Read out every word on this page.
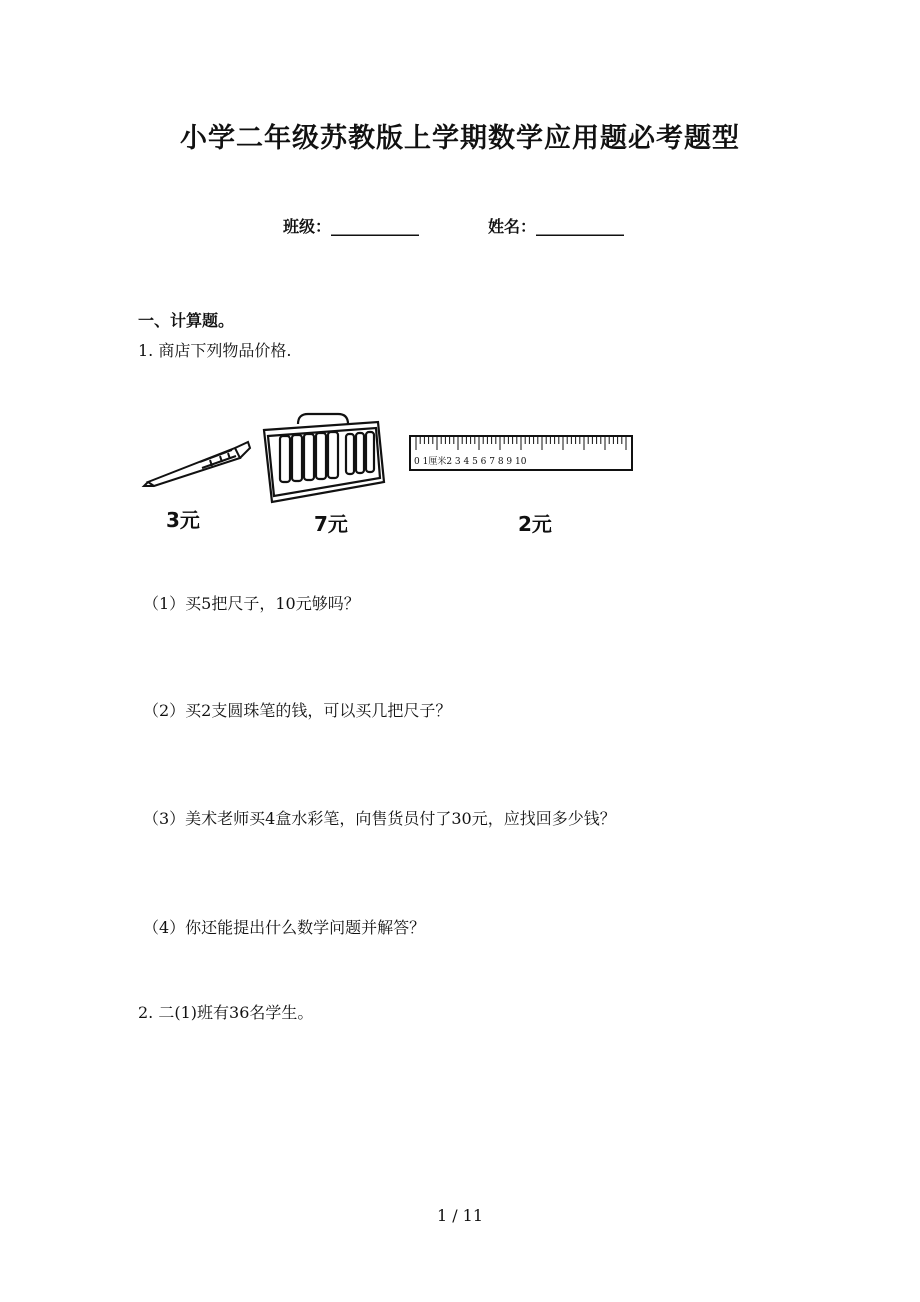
小学二年级苏教版上学期数学应用题必考题型
班级：___________	姓名：___________
一、计算题。
1. 商店下列物品价格.
3元	7元
0 1厘米2 3 4 5 6 7 8 9 10
2元
（1）买5把尺子，10元够吗？
（2）买2支圆珠笔的钱，可以买几把尺子？
（3）美术老师买4盒水彩笔，向售货员付了30元，应找回多少钱？
（4）你还能提出什么数学问题并解答？
2. 二(1)班有36名学生。
1 / 11
